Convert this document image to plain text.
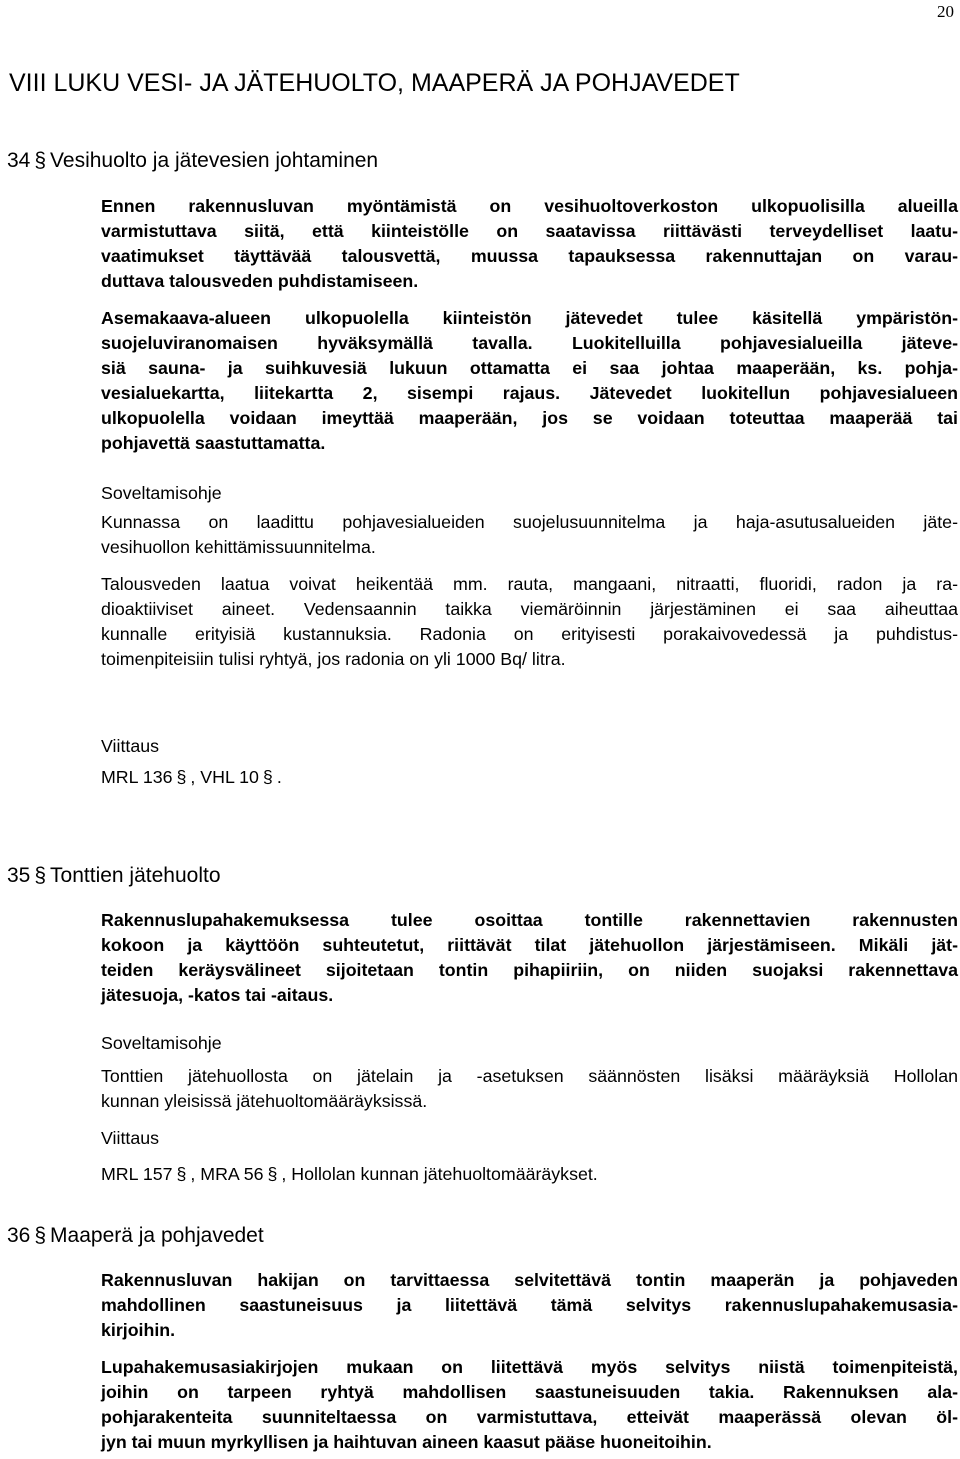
20
VIII LUKU VESI- JA JÄTEHUOLTO, MAAPERÄ JA POHJAVEDET
34 § Vesihuolto ja jätevesien johtaminen
Ennen rakennusluvan myöntämistä on vesihuoltoverkoston ulkopuolisilla alueilla
varmistuttava siitä, että kiinteistölle on saatavissa riittävästi terveydelliset laatu-
vaatimukset täyttävää talousvettä, muussa tapauksessa rakennuttajan on varau-
duttava talousveden puhdistamiseen.
Asemakaava-alueen ulkopuolella kiinteistön jätevedet tulee käsitellä ympäristön-
suojeluviranomaisen hyväksymällä tavalla. Luokitelluilla pohjavesialueilla jäteve-
siä sauna- ja suihkuvesiä lukuun ottamatta ei saa johtaa maaperään, ks. pohja-
vesialuekartta, liitekartta 2, sisempi rajaus. Jätevedet luokitellun pohjavesialueen
ulkopuolella voidaan imeyttää maaperään, jos se voidaan toteuttaa maaperää tai
pohjavettä saastuttamatta.
Soveltamisohje
Kunnassa on laadittu pohjavesialueiden suojelusuunnitelma ja haja-asutusalueiden jäte-
vesihuollon kehittämissuunnitelma.
Talousveden laatua voivat heikentää mm. rauta, mangaani, nitraatti, fluoridi, radon ja ra-
dioaktiiviset aineet. Vedensaannin taikka viemäröinnin järjestäminen ei saa aiheuttaa
kunnalle erityisiä kustannuksia. Radonia on erityisesti porakaivovedessä ja puhdistus-
toimenpiteisiin tulisi ryhtyä, jos radonia on yli 1000 Bq/ litra.
Viittaus
MRL 136 § , VHL 10 § .
35 § Tonttien jätehuolto
Rakennuslupahakemuksessa tulee osoittaa tontille rakennettavien rakennusten
kokoon ja käyttöön suhteutetut, riittävät tilat jätehuollon järjestämiseen. Mikäli jät-
teiden keräysvälineet sijoitetaan tontin pihapiiriin, on niiden suojaksi rakennettava
jätesuoja, -katos tai -aitaus.
Soveltamisohje
Tonttien jätehuollosta on jätelain ja -asetuksen säännösten lisäksi määräyksiä Hollolan
kunnan yleisissä jätehuoltomääräyksissä.
Viittaus
MRL 157 § , MRA 56 § , Hollolan kunnan jätehuoltomääräykset.
36 § Maaperä ja pohjavedet
Rakennusluvan hakijan on tarvittaessa selvitettävä tontin maaperän ja pohjaveden
mahdollinen saastuneisuus ja liitettävä tämä selvitys rakennuslupahakemusasia-
kirjoihin.
Lupahakemusasiakirjojen mukaan on liitettävä myös selvitys niistä toimenpiteistä,
joihin on tarpeen ryhtyä mahdollisen saastuneisuuden takia. Rakennuksen ala-
pohjarakenteita suunniteltaessa on varmistuttava, etteivät maaperässä olevan öl-
jyn tai muun myrkyllisen ja haihtuvan aineen kaasut pääse huoneitoihin.
